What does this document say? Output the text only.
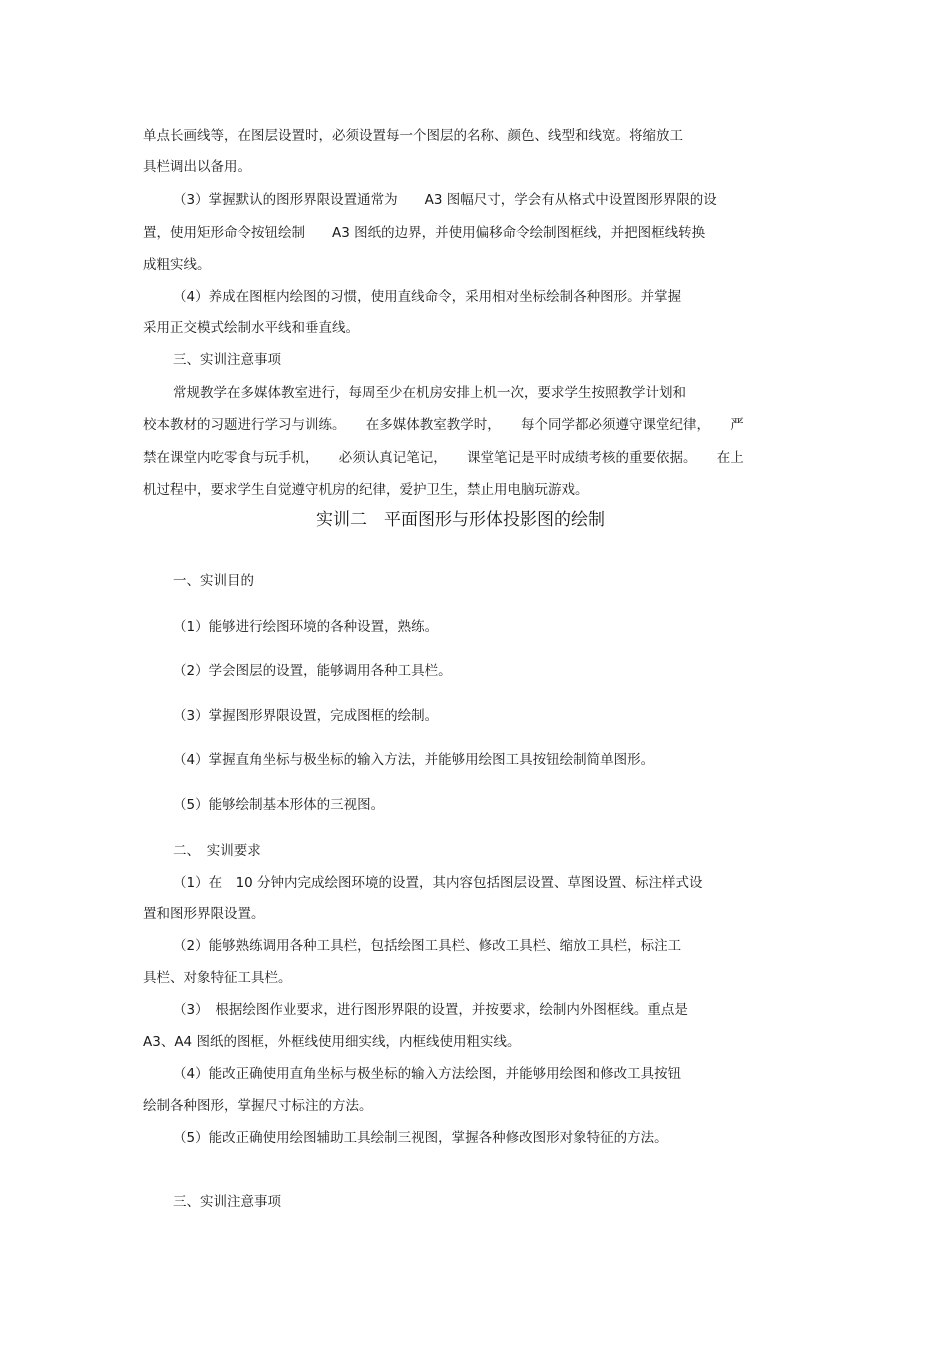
单点长画线等，在图层设置时，必须设置每一个图层的名称、颜色、线型和线宽。将缩放工
具栏调出以备用。
（3）掌握默认的图形界限设置通常为　　A3 图幅尺寸，学会有从格式中设置图形界限的设
置，使用矩形命令按钮绘制　　A3 图纸的边界，并使用偏移命令绘制图框线，并把图框线转换
成粗实线。
（4）养成在图框内绘图的习惯，使用直线命令，采用相对坐标绘制各种图形。并掌握
采用正交模式绘制水平线和垂直线。
三、实训注意事项
常规教学在多媒体教室进行，每周至少在机房安排上机一次，要求学生按照教学计划和
校本教材的习题进行学习与训练。　　在多媒体教室教学时，　　每个同学都必须遵守课堂纪律，　　严
禁在课堂内吃零食与玩手机，　　必须认真记笔记，　　课堂笔记是平时成绩考核的重要依据。　　在上
机过程中，要求学生自觉遵守机房的纪律，爱护卫生，禁止用电脑玩游戏。
实训二　平面图形与形体投影图的绘制
一、实训目的
（1）能够进行绘图环境的各种设置，熟练。
（2）学会图层的设置，能够调用各种工具栏。
（3）掌握图形界限设置，完成图框的绘制。
（4）掌握直角坐标与极坐标的输入方法，并能够用绘图工具按钮绘制简单图形。
（5）能够绘制基本形体的三视图。
二、　实训要求
（1）在　10 分钟内完成绘图环境的设置，其内容包括图层设置、草图设置、标注样式设
置和图形界限设置。
（2）能够熟练调用各种工具栏，包括绘图工具栏、修改工具栏、缩放工具栏，标注工
具栏、对象特征工具栏。
（3）　根据绘图作业要求，进行图形界限的设置，并按要求，绘制内外图框线。重点是
A3、A4 图纸的图框，外框线使用细实线，内框线使用粗实线。
（4）能改正确使用直角坐标与极坐标的输入方法绘图，并能够用绘图和修改工具按钮
绘制各种图形，掌握尺寸标注的方法。
（5）能改正确使用绘图辅助工具绘制三视图，掌握各种修改图形对象特征的方法。
三、实训注意事项
